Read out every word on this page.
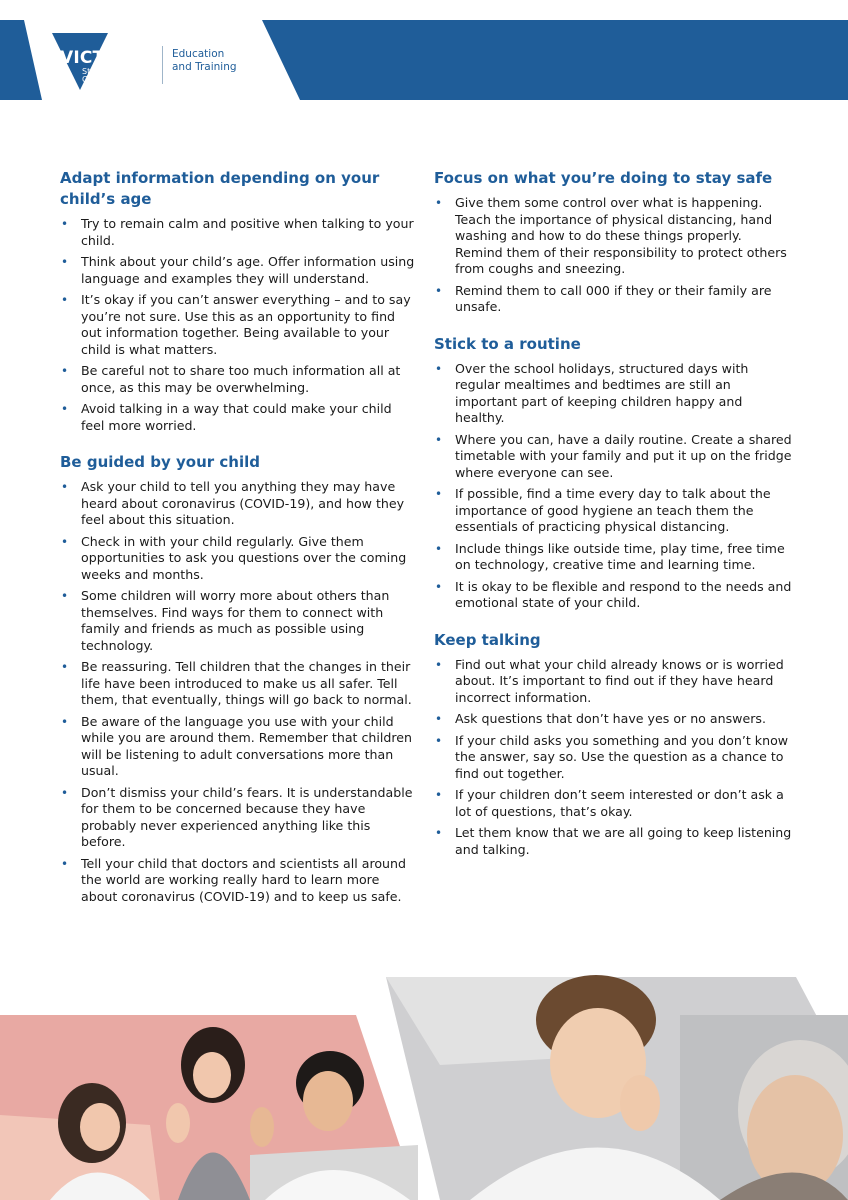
VICTORIA
State
Government
Education
and Training
Adapt information depending on your child’s age
• Try to remain calm and positive when talking to your child.
• Think about your child’s age. Offer information using language and examples they will understand.
• It’s okay if you can’t answer everything – and to say you’re not sure. Use this as an opportunity to find out information together. Being available to your child is what matters.
• Be careful not to share too much information all at once, as this may be overwhelming.
• Avoid talking in a way that could make your child feel more worried.
Be guided by your child
• Ask your child to tell you anything they may have heard about coronavirus (COVID-19), and how they feel about this situation.
• Check in with your child regularly. Give them opportunities to ask you questions over the coming weeks and months.
• Some children will worry more about others than themselves. Find ways for them to connect with family and friends as much as possible using technology.
• Be reassuring. Tell children that the changes in their life have been introduced to make us all safer. Tell them, that eventually, things will go back to normal.
• Be aware of the language you use with your child while you are around them. Remember that children will be listening to adult conversations more than usual.
• Don’t dismiss your child’s fears. It is understandable for them to be concerned because they have probably never experienced anything like this before.
• Tell your child that doctors and scientists all around the world are working really hard to learn more about coronavirus (COVID-19) and to keep us safe.
Focus on what you’re doing to stay safe
• Give them some control over what is happening. Teach the importance of physical distancing, hand washing and how to do these things properly. Remind them of their responsibility to protect others from coughs and sneezing.
• Remind them to call 000 if they or their family are unsafe.
Stick to a routine
• Over the school holidays, structured days with regular mealtimes and bedtimes are still an important part of keeping children happy and healthy.
• Where you can, have a daily routine. Create a shared timetable with your family and put it up on the fridge where everyone can see.
• If possible, find a time every day to talk about the importance of good hygiene an teach them the essentials of practicing physical distancing.
• Include things like outside time, play time, free time on technology, creative time and learning time.
• It is okay to be flexible and respond to the needs and emotional state of your child.
Keep talking
• Find out what your child already knows or is worried about. It’s important to find out if they have heard incorrect information.
• Ask questions that don’t have yes or no answers.
• If your child asks you something and you don’t know the answer, say so. Use the question as a chance to find out together.
• If your children don’t seem interested or don’t ask a lot of questions, that’s okay.
• Let them know that we are all going to keep listening and talking.
